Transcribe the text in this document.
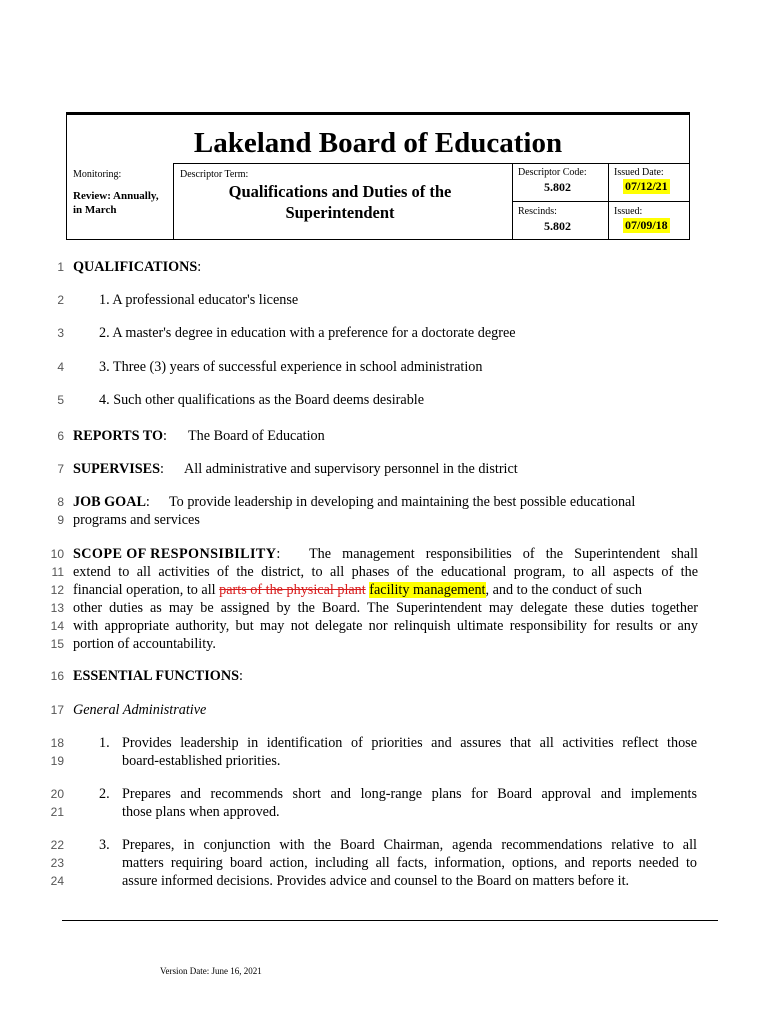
Lakeland Board of Education
Monitoring:
Review: Annually,
in March
Descriptor Term:
Qualifications and Duties of the
Superintendent
Descriptor Code:
5.802
Issued Date:
07/12/21
Rescinds:
5.802
Issued:
07/09/18
1
2
3
4
5
6
7
8
9
10
11
12
13
14
15
16
17
18
19
20
21
22
23
24
QUALIFICATIONS:
1. A professional educator's license
2. A master's degree in education with a preference for a doctorate degree
3. Three (3) years of successful experience in school administration
4. Such other qualifications as the Board deems desirable
REPORTS TO: The Board of Education
SUPERVISES: All administrative and supervisory personnel in the district
JOB GOAL: To provide leadership in developing and maintaining the best possible educational
programs and services
SCOPE OF RESPONSIBILITY: The management responsibilities of the Superintendent shall
extend to all activities of the district, to all phases of the educational program, to all aspects of the
financial operation, to all parts of the physical plant facility management, and to the conduct of such
other duties as may be assigned by the Board. The Superintendent may delegate these duties together
with appropriate authority, but may not delegate nor relinquish ultimate responsibility for results or any
portion of accountability.
ESSENTIAL FUNCTIONS:
General Administrative
1. Provides leadership in identification of priorities and assures that all activities reflect those
board-established priorities.
2. Prepares and recommends short and long-range plans for Board approval and implements
those plans when approved.
3. Prepares, in conjunction with the Board Chairman, agenda recommendations relative to all
matters requiring board action, including all facts, information, options, and reports needed to
assure informed decisions. Provides advice and counsel to the Board on matters before it.
Version Date: June 16, 2021
